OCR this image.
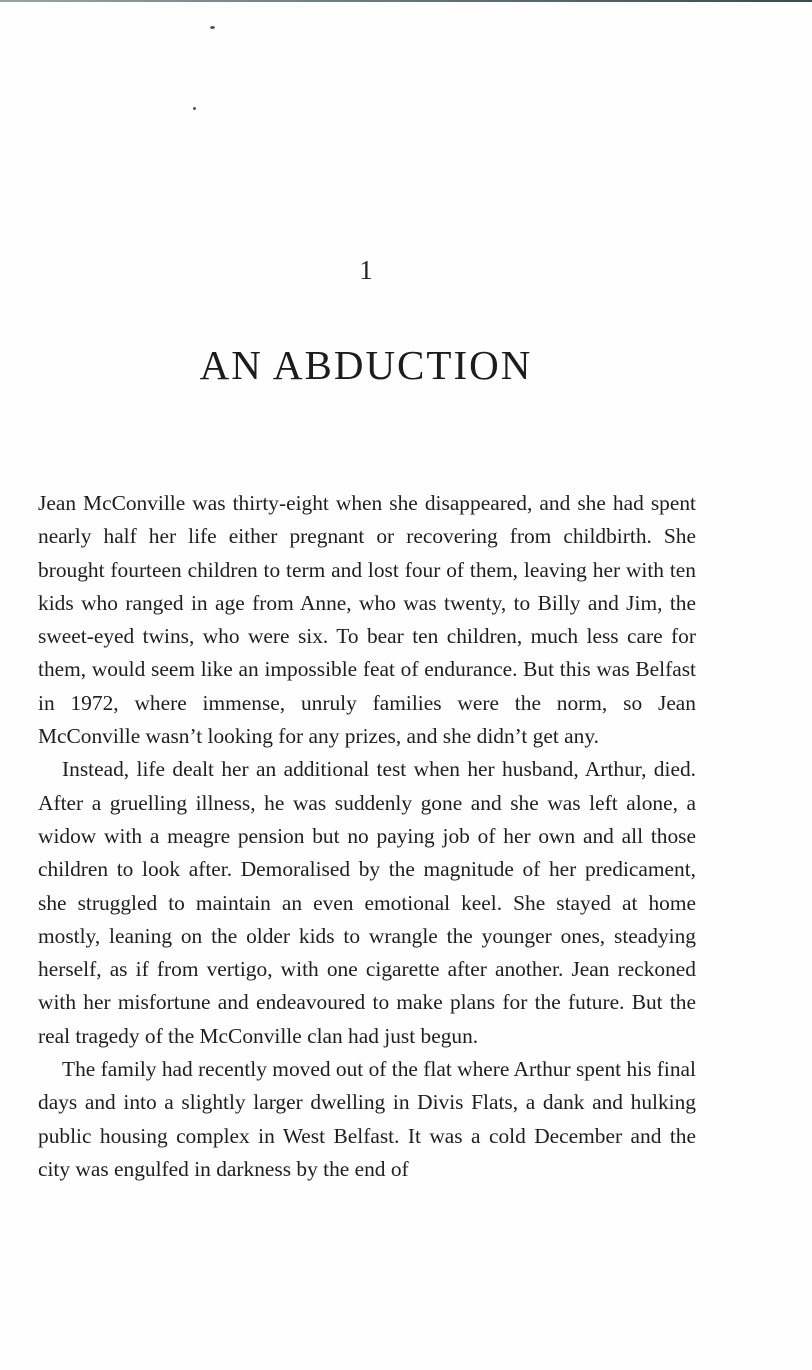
1
AN ABDUCTION

Jean McConville was thirty-eight when she disappeared, and she had spent nearly half her life either pregnant or recovering from childbirth. She brought fourteen children to term and lost four of them, leaving her with ten kids who ranged in age from Anne, who was twenty, to Billy and Jim, the sweet-eyed twins, who were six. To bear ten children, much less care for them, would seem like an impossible feat of endurance. But this was Belfast in 1972, where immense, unruly families were the norm, so Jean McConville wasn’t looking for any prizes, and she didn’t get any.

Instead, life dealt her an additional test when her husband, Arthur, died. After a gruelling illness, he was suddenly gone and she was left alone, a widow with a meagre pension but no paying job of her own and all those children to look after. Demoralised by the magnitude of her predicament, she struggled to maintain an even emotional keel. She stayed at home mostly, leaning on the older kids to wrangle the younger ones, steadying herself, as if from vertigo, with one cigarette after another. Jean reckoned with her misfortune and endeavoured to make plans for the future. But the real tragedy of the McConville clan had just begun.

The family had recently moved out of the flat where Arthur spent his final days and into a slightly larger dwelling in Divis Flats, a dank and hulking public housing complex in West Belfast. It was a cold December and the city was engulfed in darkness by the end of
